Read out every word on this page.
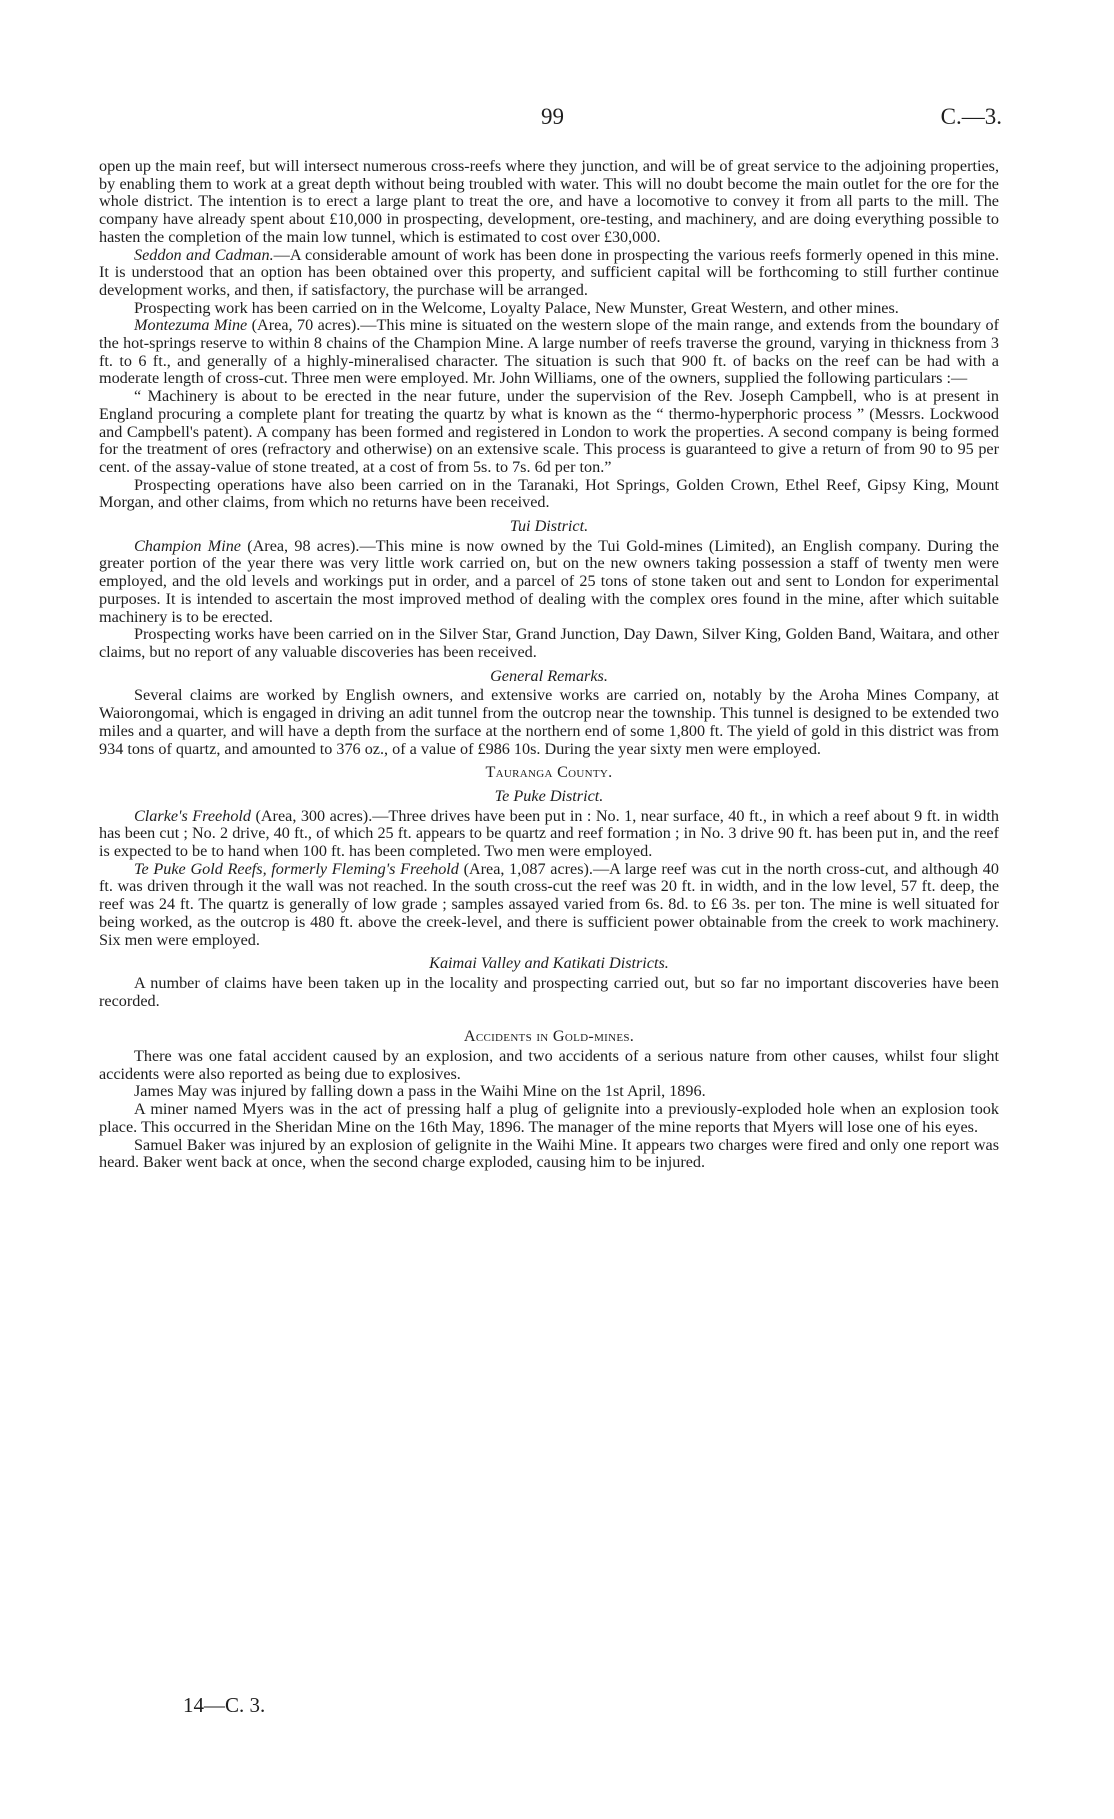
99	C.—3.

open up the main reef, but will intersect numerous cross-reefs where they junction, and will be of great service to the adjoining properties, by enabling them to work at a great depth without being troubled with water. This will no doubt become the main outlet for the ore for the whole district. The intention is to erect a large plant to treat the ore, and have a locomotive to convey it from all parts to the mill. The company have already spent about £10,000 in prospecting, development, ore-testing, and machinery, and are doing everything possible to hasten the completion of the main low tunnel, which is estimated to cost over £30,000.

Seddon and Cadman.—A considerable amount of work has been done in prospecting the various reefs formerly opened in this mine. It is understood that an option has been obtained over this property, and sufficient capital will be forthcoming to still further continue development works, and then, if satisfactory, the purchase will be arranged.

Prospecting work has been carried on in the Welcome, Loyalty Palace, New Munster, Great Western, and other mines.

Montezuma Mine (Area, 70 acres).—This mine is situated on the western slope of the main range, and extends from the boundary of the hot-springs reserve to within 8 chains of the Champion Mine. A large number of reefs traverse the ground, varying in thickness from 3 ft. to 6 ft., and generally of a highly-mineralised character. The situation is such that 900 ft. of backs on the reef can be had with a moderate length of cross-cut. Three men were employed. Mr. John Williams, one of the owners, supplied the following particulars :—

“ Machinery is about to be erected in the near future, under the supervision of the Rev. Joseph Campbell, who is at present in England procuring a complete plant for treating the quartz by what is known as the “ thermo-hyperphoric process ” (Messrs. Lockwood and Campbell's patent). A company has been formed and registered in London to work the properties. A second company is being formed for the treatment of ores (refractory and otherwise) on an extensive scale. This process is guaranteed to give a return of from 90 to 95 per cent. of the assay-value of stone treated, at a cost of from 5s. to 7s. 6d per ton.”

Prospecting operations have also been carried on in the Taranaki, Hot Springs, Golden Crown, Ethel Reef, Gipsy King, Mount Morgan, and other claims, from which no returns have been received.

Tui District.

Champion Mine (Area, 98 acres).—This mine is now owned by the Tui Gold-mines (Limited), an English company. During the greater portion of the year there was very little work carried on, but on the new owners taking possession a staff of twenty men were employed, and the old levels and workings put in order, and a parcel of 25 tons of stone taken out and sent to London for experimental purposes. It is intended to ascertain the most improved method of dealing with the complex ores found in the mine, after which suitable machinery is to be erected.

Prospecting works have been carried on in the Silver Star, Grand Junction, Day Dawn, Silver King, Golden Band, Waitara, and other claims, but no report of any valuable discoveries has been received.

General Remarks.

Several claims are worked by English owners, and extensive works are carried on, notably by the Aroha Mines Company, at Waiorongomai, which is engaged in driving an adit tunnel from the outcrop near the township. This tunnel is designed to be extended two miles and a quarter, and will have a depth from the surface at the northern end of some 1,800 ft. The yield of gold in this district was from 934 tons of quartz, and amounted to 376 oz., of a value of £986 10s. During the year sixty men were employed.

Tauranga County.
Te Puke District.

Clarke's Freehold (Area, 300 acres).—Three drives have been put in : No. 1, near surface, 40 ft., in which a reef about 9 ft. in width has been cut ; No. 2 drive, 40 ft., of which 25 ft. appears to be quartz and reef formation ; in No. 3 drive 90 ft. has been put in, and the reef is expected to be to hand when 100 ft. has been completed. Two men were employed.

Te Puke Gold Reefs, formerly Fleming's Freehold (Area, 1,087 acres).—A large reef was cut in the north cross-cut, and although 40 ft. was driven through it the wall was not reached. In the south cross-cut the reef was 20 ft. in width, and in the low level, 57 ft. deep, the reef was 24 ft. The quartz is generally of low grade ; samples assayed varied from 6s. 8d. to £6 3s. per ton. The mine is well situated for being worked, as the outcrop is 480 ft. above the creek-level, and there is sufficient power obtainable from the creek to work machinery. Six men were employed.

Kaimai Valley and Katikati Districts.

A number of claims have been taken up in the locality and prospecting carried out, but so far no important discoveries have been recorded.

Accidents in Gold-mines.

There was one fatal accident caused by an explosion, and two accidents of a serious nature from other causes, whilst four slight accidents were also reported as being due to explosives.

James May was injured by falling down a pass in the Waihi Mine on the 1st April, 1896.

A miner named Myers was in the act of pressing half a plug of gelignite into a previously-exploded hole when an explosion took place. This occurred in the Sheridan Mine on the 16th May, 1896. The manager of the mine reports that Myers will lose one of his eyes.

Samuel Baker was injured by an explosion of gelignite in the Waihi Mine. It appears two charges were fired and only one report was heard. Baker went back at once, when the second charge exploded, causing him to be injured.

14—C. 3.
